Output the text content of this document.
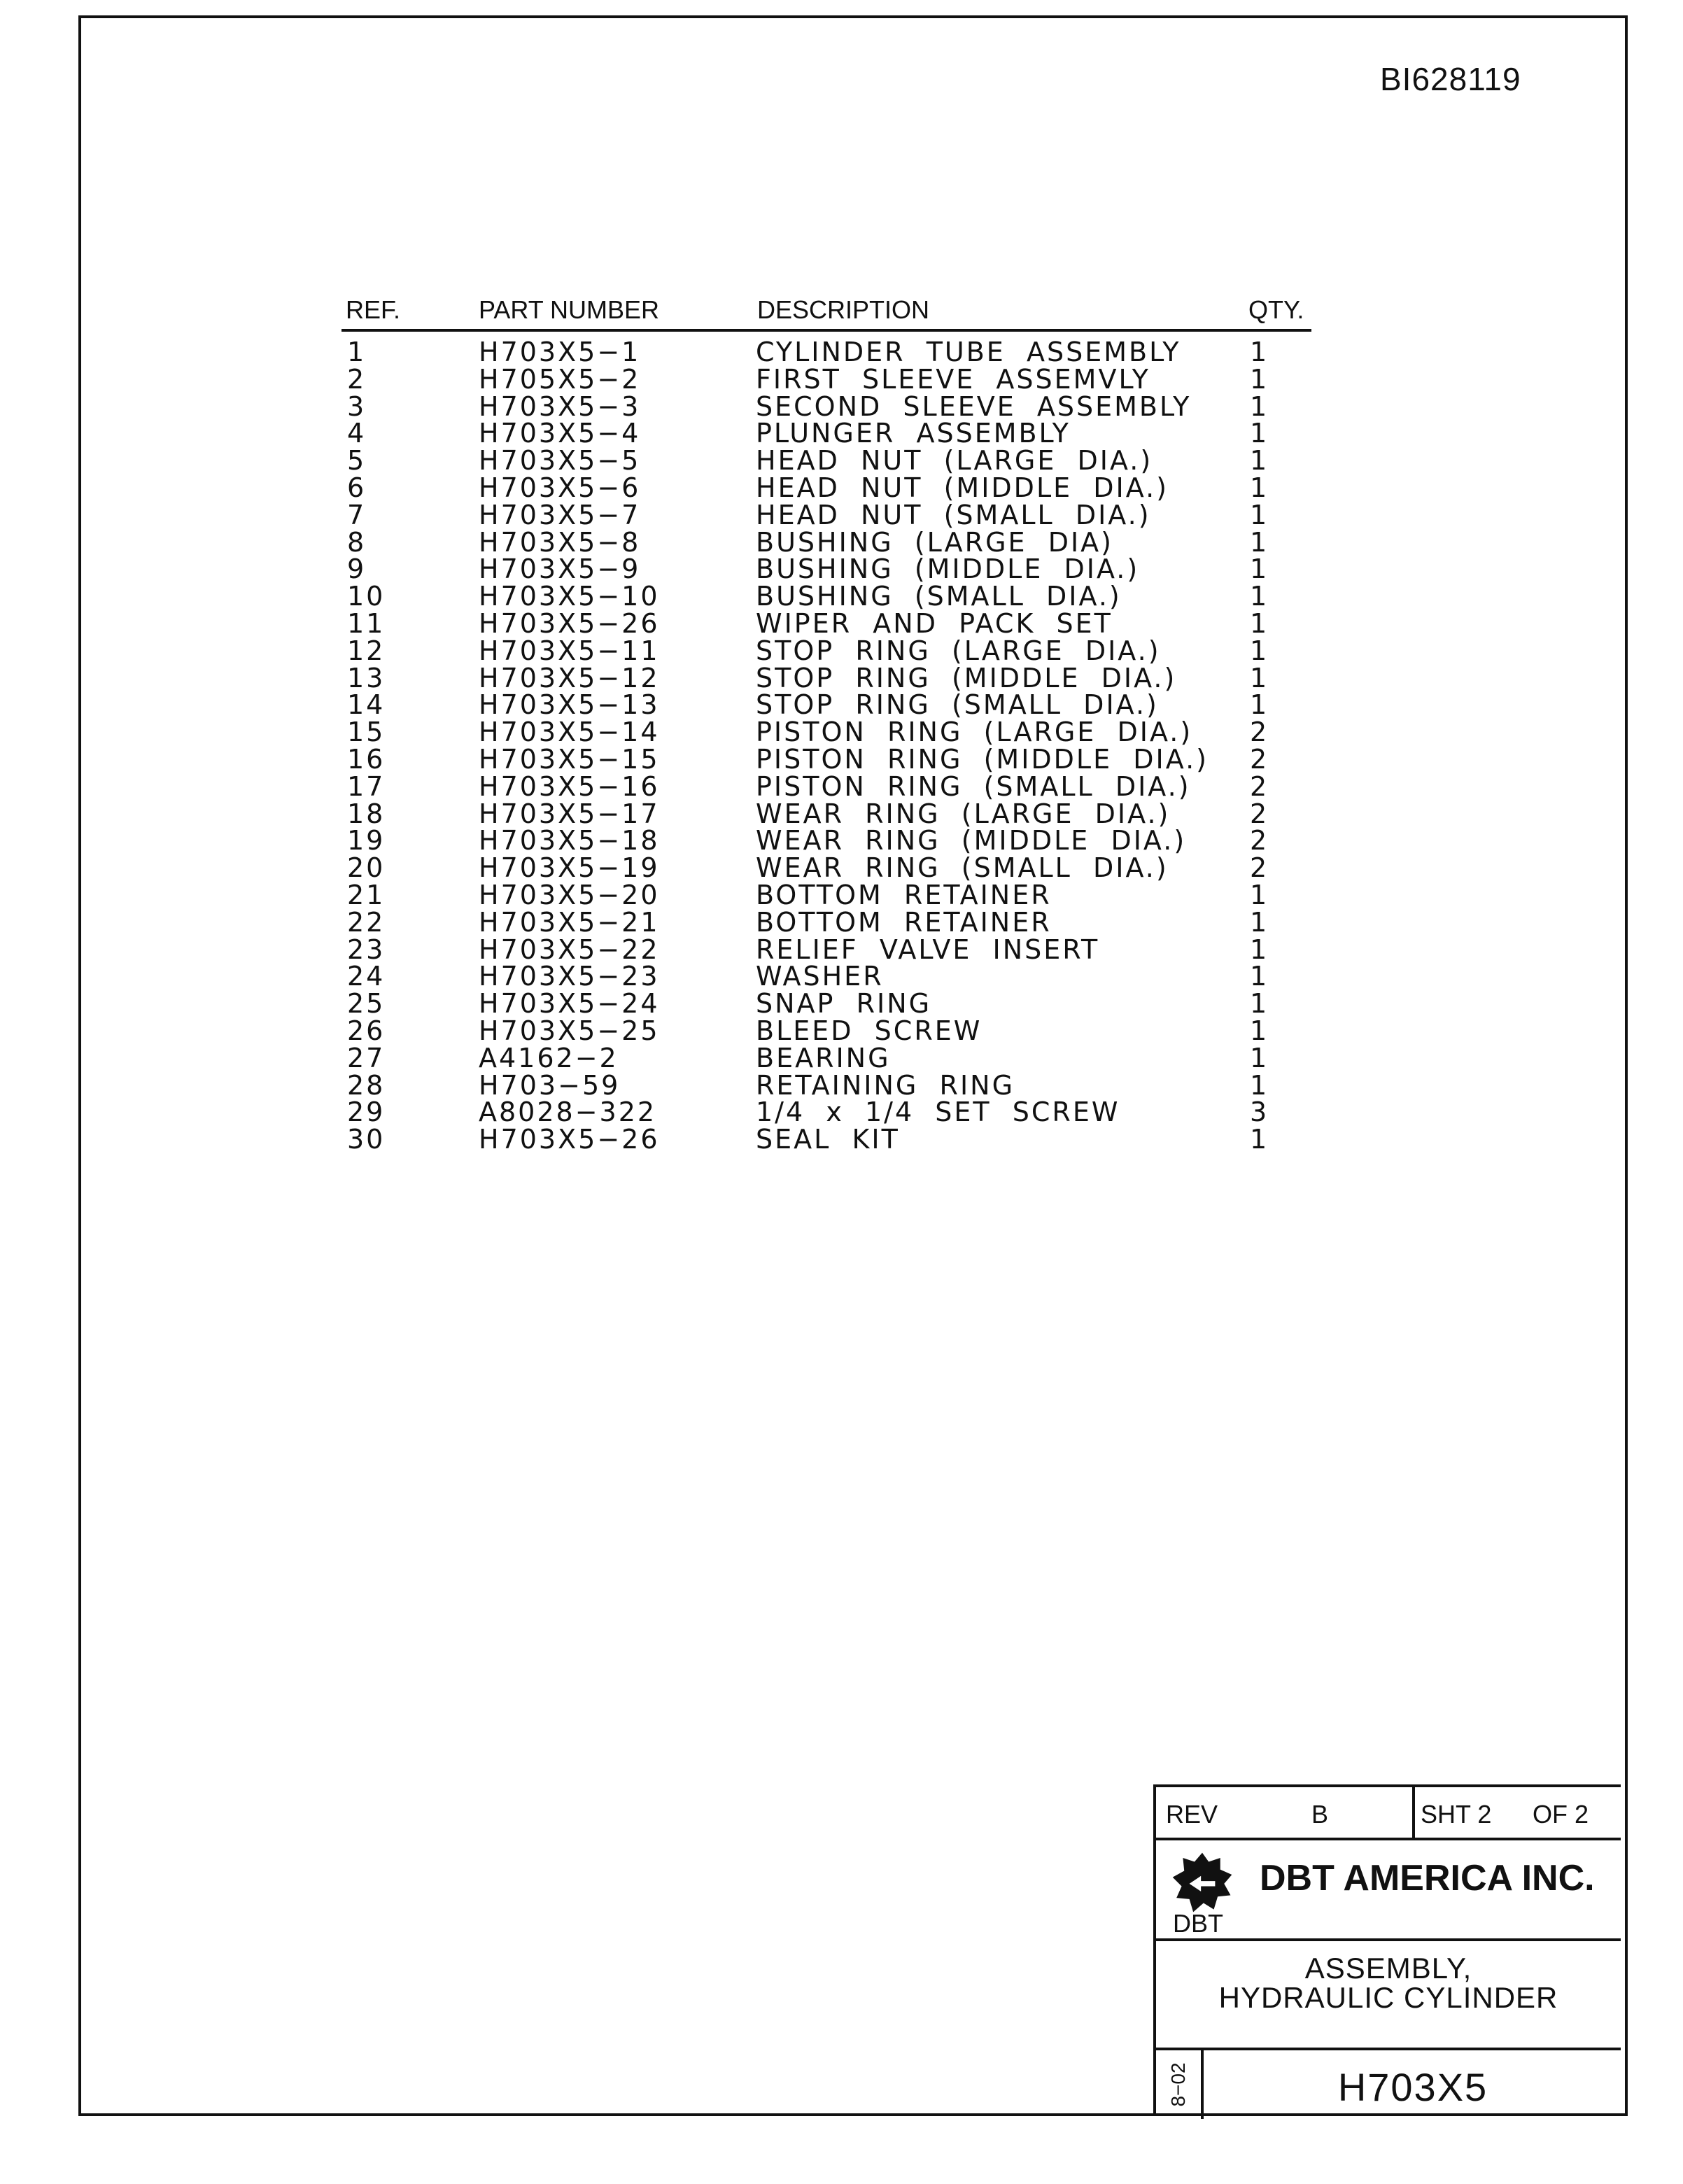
BI628119
REF.	PART NUMBER	DESCRIPTION	QTY.
1	H703X5−1	CYLINDER  TUBE  ASSEMBLY	1
2	H705X5−2	FIRST  SLEEVE  ASSEMVLY	1
3	H703X5−3	SECOND  SLEEVE  ASSEMBLY 1
4	H703X5−4	PLUNGER  ASSEMBLY	1
5	H703X5−5	HEAD  NUT  (LARGE  DIA.)	1
6	H703X5−6	HEAD  NUT  (MIDDLE  DIA.)	1
7	H703X5−7	HEAD  NUT  (SMALL  DIA.)	1
8	H703X5−8	BUSHING  (LARGE  DIA)	1
9	H703X5−9	BUSHING  (MIDDLE  DIA.)	1
10	H703X5−10	BUSHING  (SMALL  DIA.)	1
11	H703X5−26	WIPER  AND  PACK  SET	1
12	H703X5−11	STOP  RING  (LARGE  DIA.)	1
13	H703X5−12	STOP  RING  (MIDDLE  DIA.)	1
14	H703X5−13	STOP  RING  (SMALL  DIA.)	1
15	H703X5−14	PISTON  RING  (LARGE  DIA.) 2
16	H703X5−15	PISTON  RING  (MIDDLE  DIA.) 2
17	H703X5−16	PISTON  RING  (SMALL  DIA.) 2
18	H703X5−17	WEAR  RING  (LARGE  DIA.)	2
19	H703X5−18	WEAR  RING  (MIDDLE  DIA.) 2
20	H703X5−19	WEAR  RING  (SMALL  DIA.)	2
21	H703X5−20	BOTTOM  RETAINER	1
22	H703X5−21	BOTTOM  RETAINER	1
23	H703X5−22	RELIEF  VALVE  INSERT	1
24	H703X5−23	WASHER	1
25	H703X5−24	SNAP  RING	1
26	H703X5−25	BLEED  SCREW	1
27	A4162−2	BEARING	1
28	H703−59	RETAINING  RING	1
29	A8028−322	1/4  x  1/4  SET  SCREW	3
30	H703X5−26	SEAL  KIT	1
REV	B	SHT 2 OF 2
DBT
DBT AMERICA INC.
ASSEMBLY,
HYDRAULIC CYLINDER
8−02	H703X5
